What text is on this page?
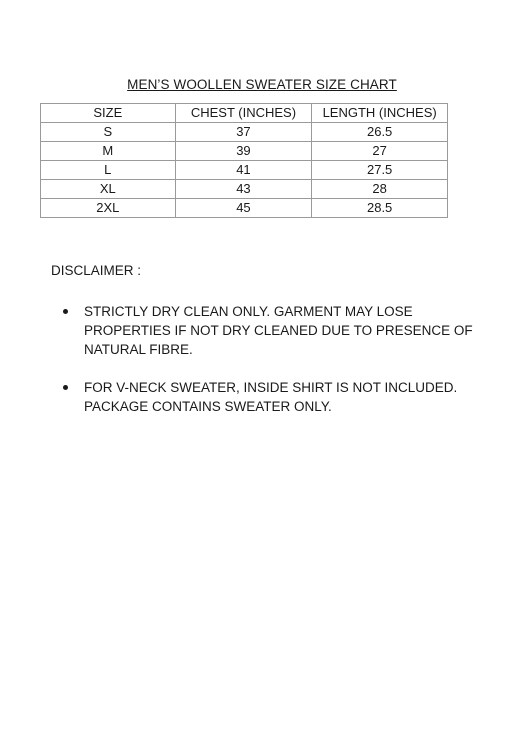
MEN’S WOOLLEN SWEATER SIZE CHART
SIZE	CHEST (INCHES)	LENGTH (INCHES)
S	37	26.5
M	39	27
L	41	27.5
XL	43	28
2XL	45	28.5
DISCLAIMER :
STRICTLY DRY CLEAN ONLY. GARMENT MAY LOSE PROPERTIES IF NOT DRY CLEANED DUE TO PRESENCE OF NATURAL FIBRE.
FOR V-NECK SWEATER, INSIDE SHIRT IS NOT INCLUDED. PACKAGE CONTAINS SWEATER ONLY.
